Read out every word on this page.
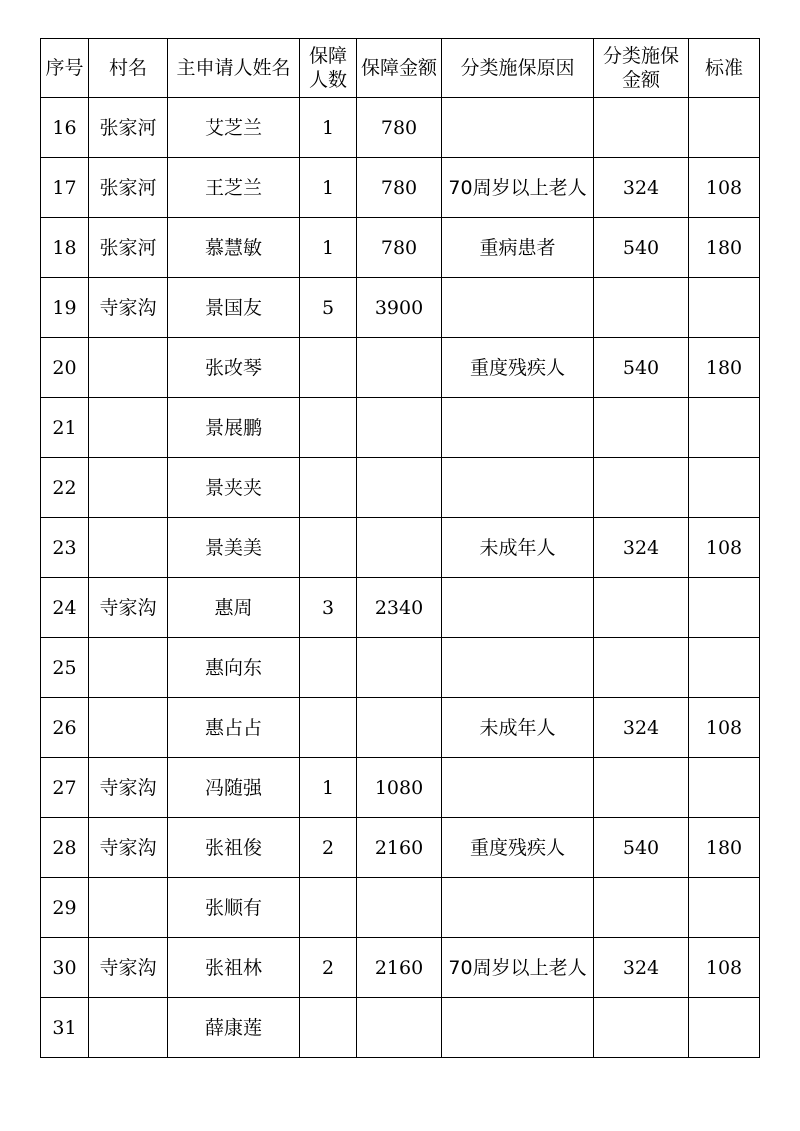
序号	村名	主申请人姓名	保障人数	保障金额	分类施保原因	分类施保金额	标准
16	张家河	艾芝兰	1	780			
17	张家河	王芝兰	1	780	70周岁以上老人	324	108
18	张家河	慕慧敏	1	780	重病患者	540	180
19	寺家沟	景国友	5	3900			
20		张改琴			重度残疾人	540	180
21		景展鹏					
22		景夹夹					
23		景美美			未成年人	324	108
24	寺家沟	惠周	3	2340			
25		惠向东					
26		惠占占			未成年人	324	108
27	寺家沟	冯随强	1	1080			
28	寺家沟	张祖俊	2	2160	重度残疾人	540	180
29		张顺有					
30	寺家沟	张祖林	2	2160	70周岁以上老人	324	108
31		薛康莲					
